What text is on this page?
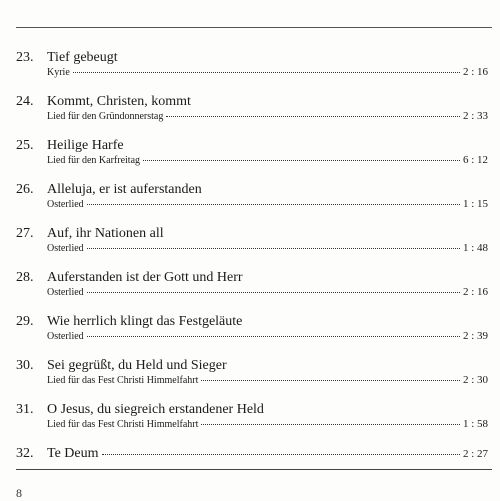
23. Tief gebeugt
Kyrie	2 : 16
24. Kommt, Christen, kommt
Lied für den Gründonnerstag	2 : 33
25. Heilige Harfe
Lied für den Karfreitag	6 : 12
26. Alleluja, er ist auferstanden
Osterlied	1 : 15
27. Auf, ihr Nationen all
Osterlied	1 : 48
28. Auferstanden ist der Gott und Herr
Osterlied	2 : 16
29. Wie herrlich klingt das Festgeläute
Osterlied	2 : 39
30. Sei gegrüßt, du Held und Sieger
Lied für das Fest Christi Himmelfahrt	2 : 30
31. O Jesus, du siegreich erstandener Held
Lied für das Fest Christi Himmelfahrt	1 : 58
32. Te Deum	2 : 27
8
